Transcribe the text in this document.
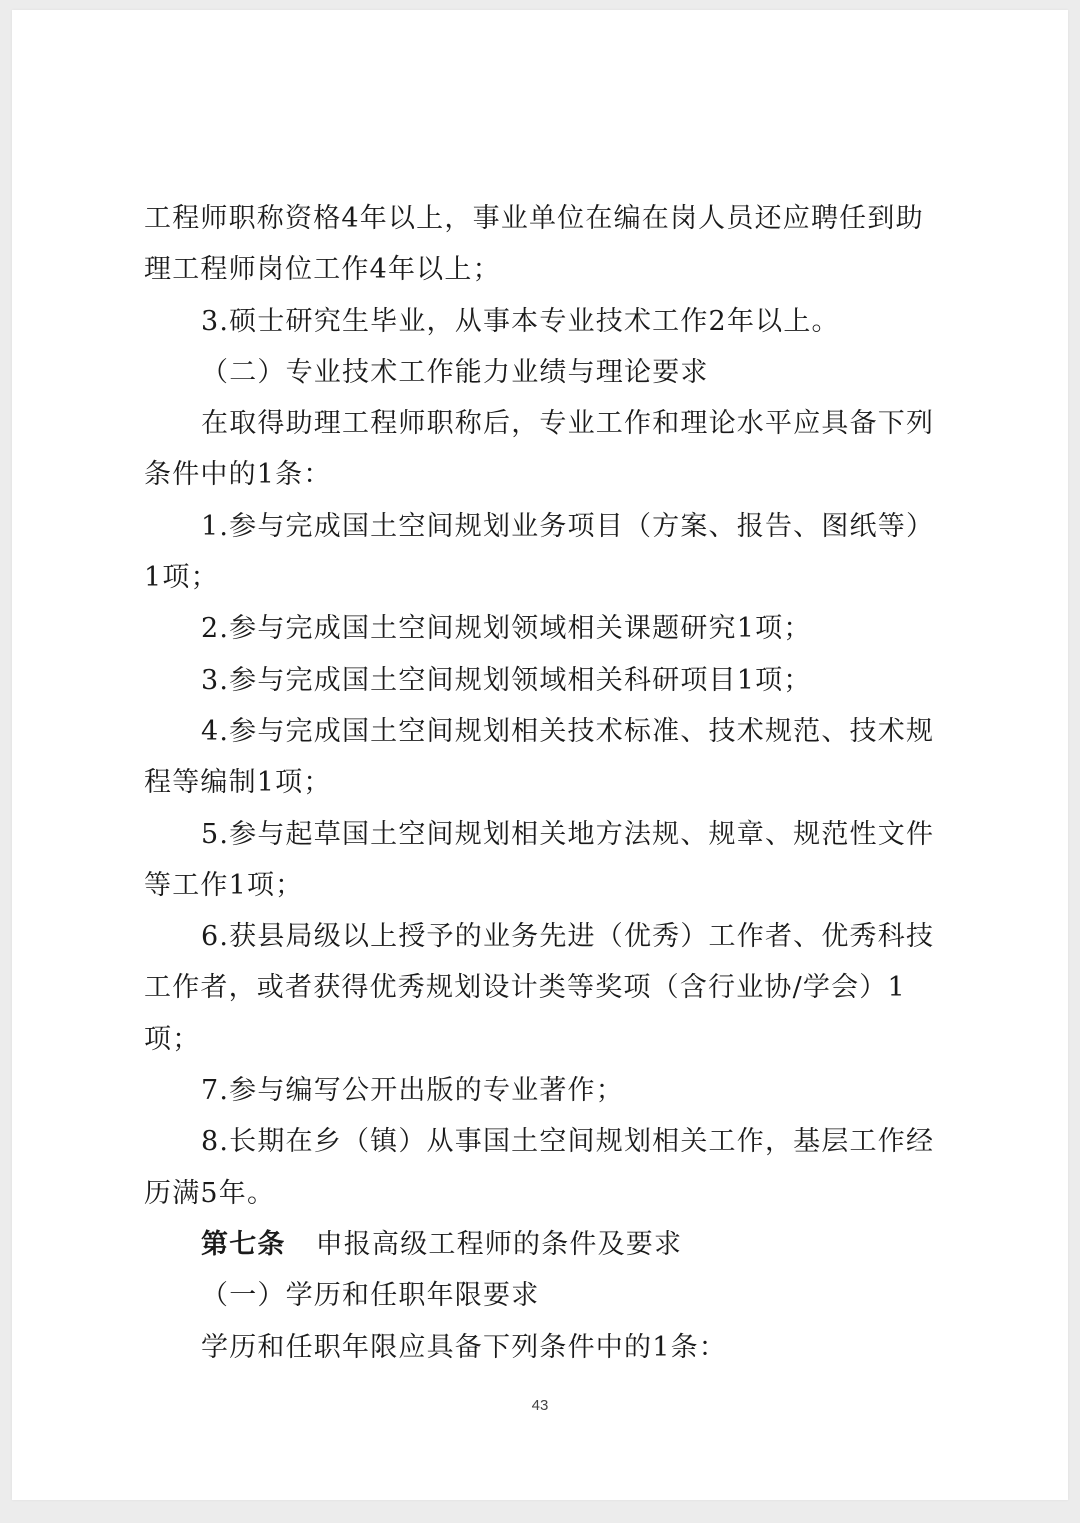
工程师职称资格4年以上，事业单位在编在岗人员还应聘任到助
理工程师岗位工作4年以上；
3.硕士研究生毕业，从事本专业技术工作2年以上。
（二）专业技术工作能力业绩与理论要求
在取得助理工程师职称后，专业工作和理论水平应具备下列
条件中的1条：
1.参与完成国土空间规划业务项目（方案、报告、图纸等）
1项；
2.参与完成国土空间规划领域相关课题研究1项；
3.参与完成国土空间规划领域相关科研项目1项；
4.参与完成国土空间规划相关技术标准、技术规范、技术规
程等编制1项；
5.参与起草国土空间规划相关地方法规、规章、规范性文件
等工作1项；
6.获县局级以上授予的业务先进（优秀）工作者、优秀科技
工作者，或者获得优秀规划设计类等奖项（含行业协/学会）1
项；
7.参与编写公开出版的专业著作；
8.长期在乡（镇）从事国土空间规划相关工作，基层工作经
历满5年。
第七条 申报高级工程师的条件及要求
（一）学历和任职年限要求
学历和任职年限应具备下列条件中的1条：
43
